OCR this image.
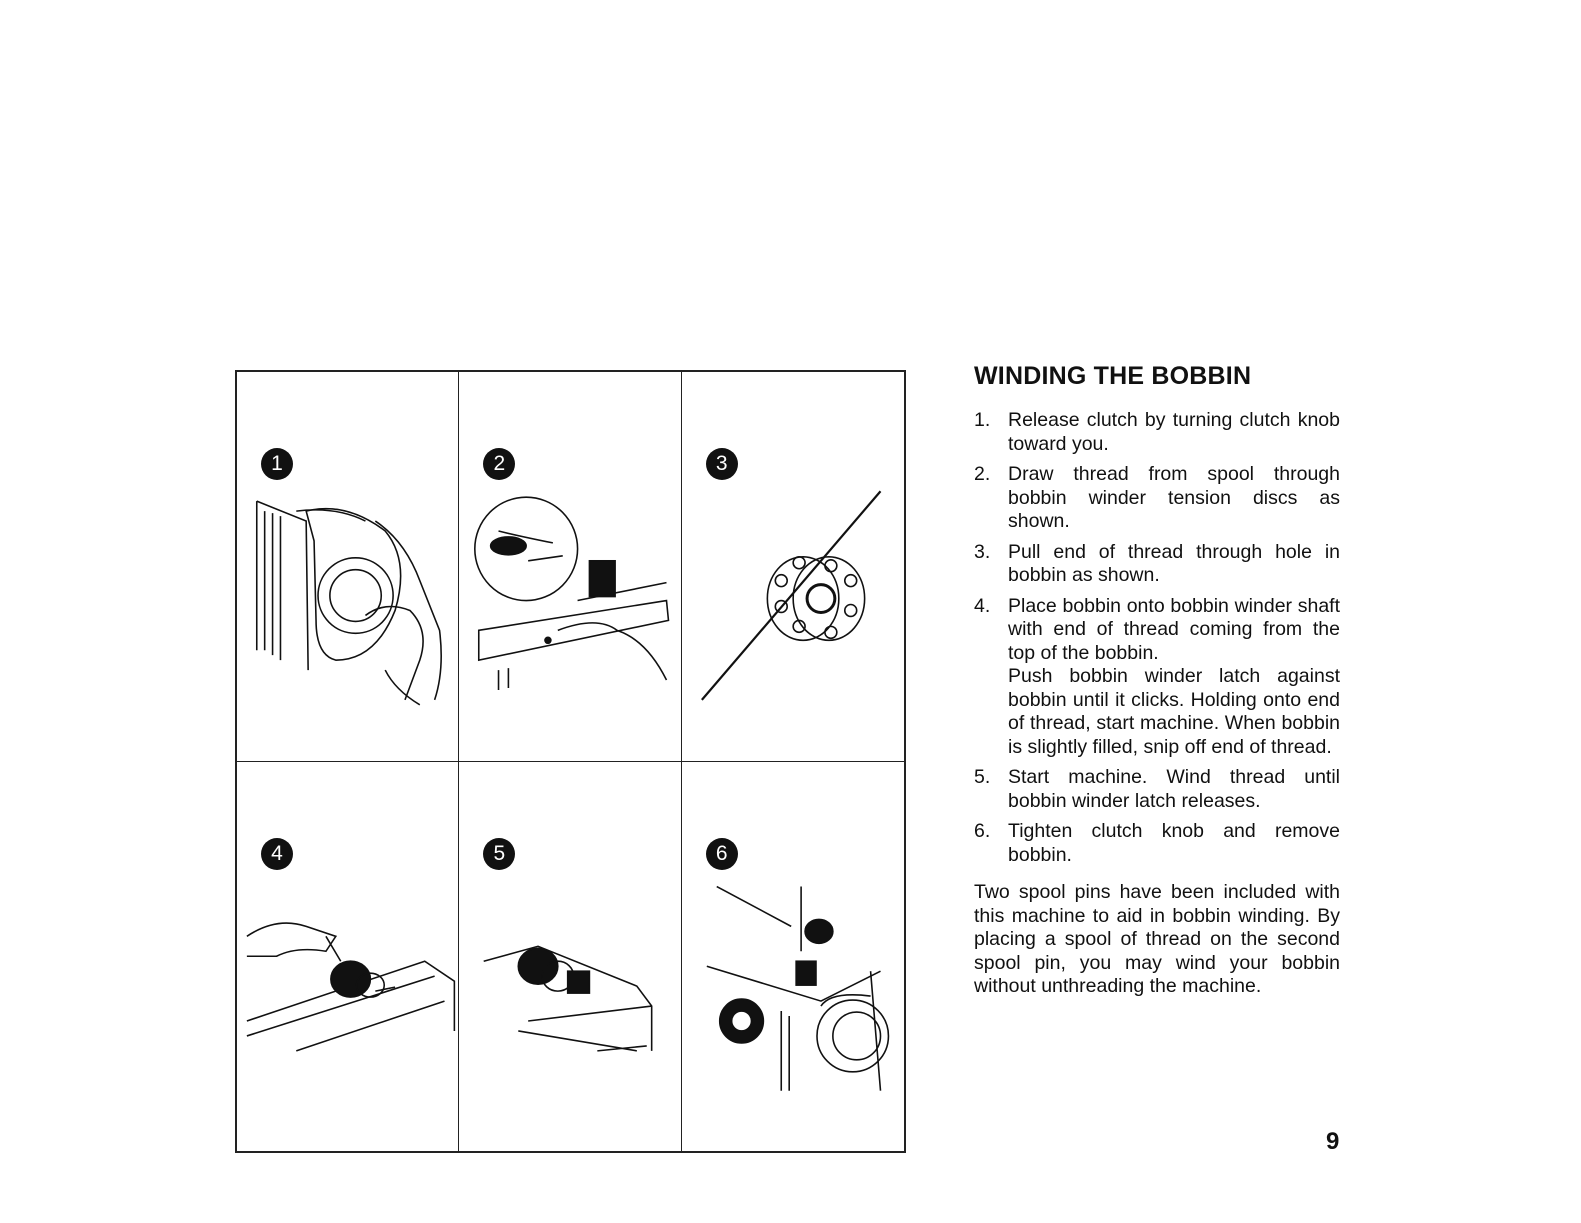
1	2	3
4	5	6
WINDING THE BOBBIN
1. Release clutch by turning clutch knob toward you.
2. Draw thread from spool through bobbin winder tension discs as shown.
3. Pull end of thread through hole in bobbin as shown.
4. Place bobbin onto bobbin winder shaft with end of thread coming from the top of the bobbin.
Push bobbin winder latch against bobbin until it clicks. Holding onto end of thread, start machine. When bobbin is slightly filled, snip off end of thread.
5. Start machine. Wind thread until bobbin winder latch releases.
6. Tighten clutch knob and remove bobbin.
Two spool pins have been included with this machine to aid in bobbin winding. By placing a spool of thread on the second spool pin, you may wind your bobbin without unthreading the machine.
9
